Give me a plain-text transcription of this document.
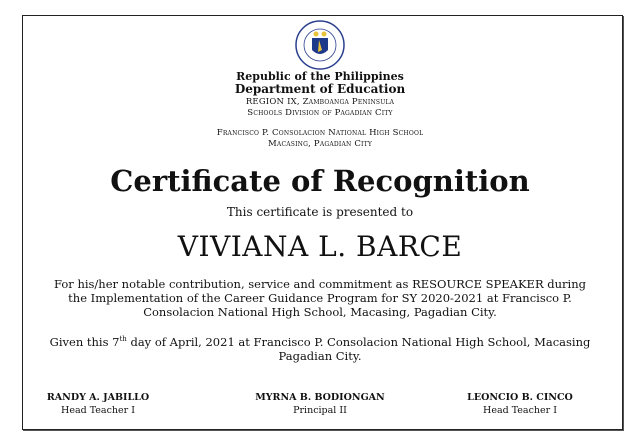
Republic of the Philippines
Department of Education
REGION IX, Zamboanga Peninsula
Schools Division of Pagadian City
Francisco P. Consolacion National High School
Macasing, Pagadian City
Certificate of Recognition
This certificate is presented to
VIVIANA L. BARCE
For his/her notable contribution, service and commitment as RESOURCE SPEAKER during
the Implementation of the Career Guidance Program for SY 2020-2021 at Francisco P.
Consolacion National High School, Macasing, Pagadian City.
Given this 7th day of April, 2021 at Francisco P. Consolacion National High School, Macasing
Pagadian City.
RANDY A. JABILLO
Head Teacher I
MYRNA B. BODIONGAN
Principal II
LEONCIO B. CINCO
Head Teacher I
